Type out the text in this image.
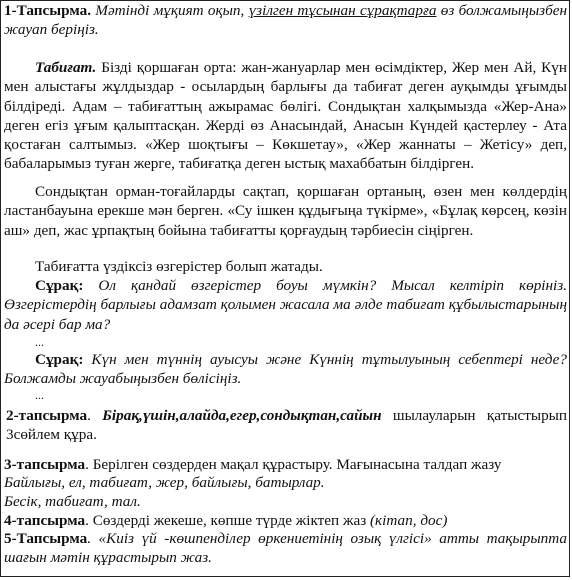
1-Тапсырма. Мәтінді мұқият оқып, үзілген тұсынан сұрақтарға өз болжамыңызбен жауап беріңіз.

Табиғат. Бізді қоршаған орта: жан-жануарлар мен өсімдіктер, Жер мен Ай, Күн мен алыстағы жұлдыздар - осылардың барлығы да табиғат деген ауқымды ұғымды білдіреді. Адам – табиғаттың ажырамас бөлігі. Сондықтан халқымызда «Жер-Ана» деген егіз ұғым қалыптасқан. Жерді өз Анасындай, Анасын Күндей қастерлеу - Ата қостаған салтымыз. «Жер шоқтығы – Көкшетау», «Жер жаннаты – Жетісу» деп, бабаларымыз туған жерге, табиғатқа деген ыстық махаббатын білдірген.

Сондықтан орман-тоғайларды сақтап, қоршаған ортаның, өзен мен көлдердің ластанбауына ерекше мән берген. «Су ішкен құдығыңа түкірме», «Бұлақ көрсең, көзін аш» деп, жас ұрпақтың бойына табиғатты қорғаудың тәрбиесін сіңірген.

Табиғатта үздіксіз өзгерістер болып жатады.

Сұрақ: Ол қандай өзгерістер боуы мүмкін? Мысал келтіріп көрініз. Өзгерістердің барлығы адамзат қолымен жасала ма әлде табиғат құбылыстарының да әсері бар ма?

...

Сұрақ: Күн мен түннің ауысуы және Күннің тұтылуының себептері неде? Болжамды жауабыңызбен бөлісіңіз.

...

2-тапсырма. Бірақ,үшін,алайда,егер,сондықтан,сайын шылауларын қатыстырып 3сөйлем құра.

3-тапсырма. Берілген сөздерден мақал құрастыру. Мағынасына талдап жазу

Байлығы, ел, табиғат, жер, байлығы, батырлар.

Бесік, табиғат, тал.

4-тапсырма. Сөздерді жекеше, көпше түрде жіктеп жаз (кітап, дос)

5-Тапсырма. «Киіз үй -көшпенділер өркениетінің озық үлгісі» атты тақырыпта шағын мәтін құрастырып жаз.
